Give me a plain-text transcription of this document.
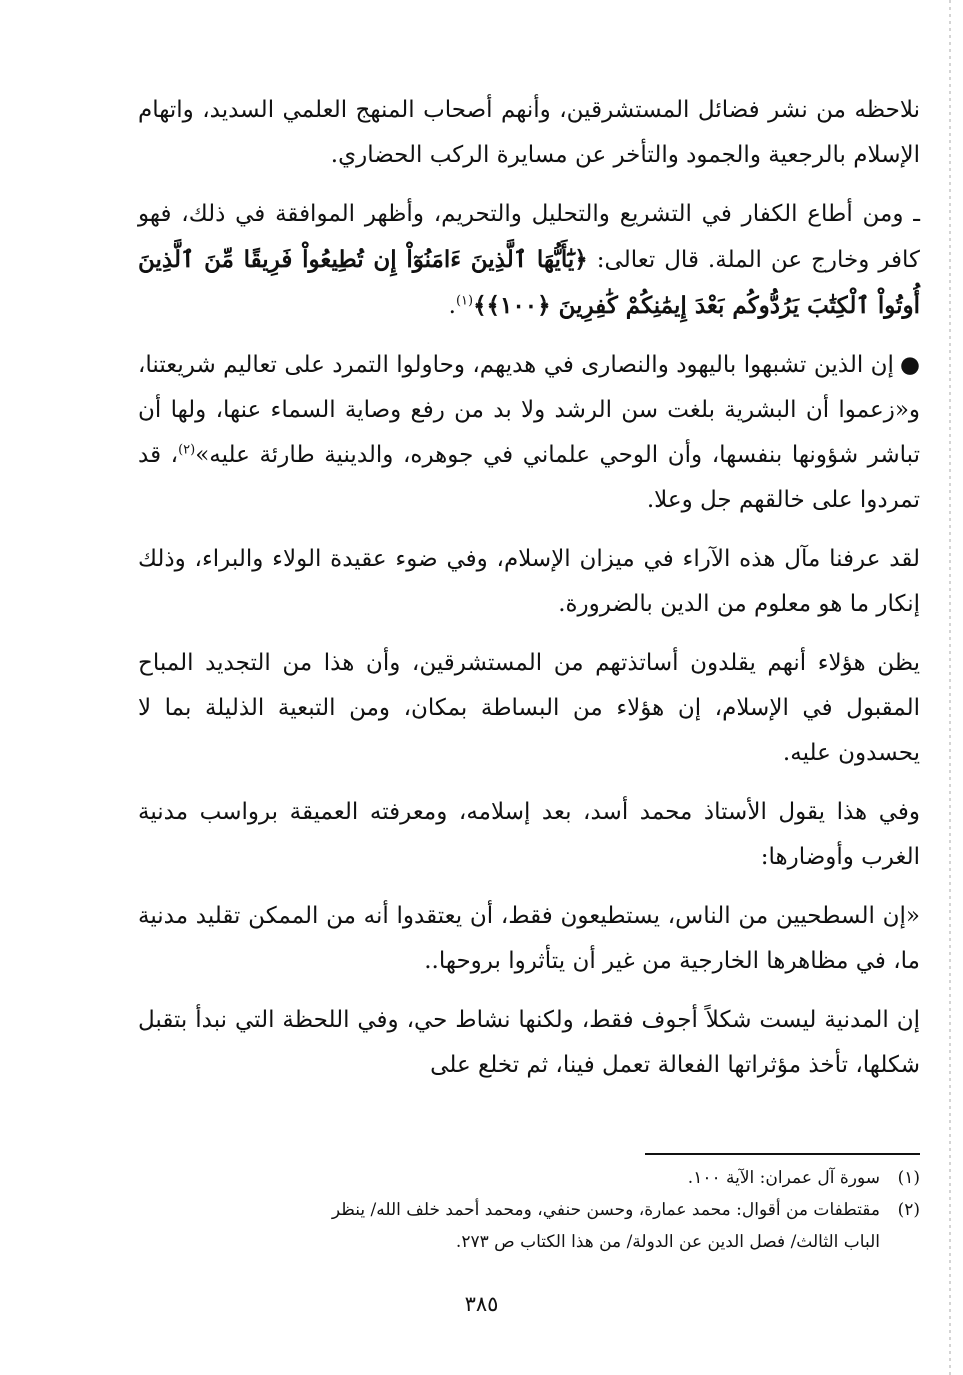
نلاحظه من نشر فضائل المستشرقين، وأنهم أصحاب المنهج العلمي السديد، واتهام الإسلام بالرجعية والجمود والتأخر عن مسايرة الركب الحضاري.

ـ ومن أطاع الكفار في التشريع والتحليل والتحريم، وأظهر الموافقة في ذلك، فهو كافر وخارج عن الملة. قال تعالى: ﴿يَٰٓأَيُّهَا ٱلَّذِينَ ءَامَنُوٓاْ إِن تُطِيعُواْ فَرِيقًا مِّنَ ٱلَّذِينَ أُوتُواْ ٱلْكِتَٰبَ يَرُدُّوكُم بَعْدَ إِيمَٰنِكُمْ كَٰفِرِينَ ﴿١٠٠﴾﴾$^{(١)}$.

●إن الذين تشبهوا باليهود والنصارى في هديهم، وحاولوا التمرد على تعاليم شريعتنا، و«زعموا أن البشرية بلغت سن الرشد ولا بد من رفع وصاية السماء عنها، ولها أن تباشر شؤونها بنفسها، وأن الوحي علماني في جوهره، والدينية طارئة عليه»$^{(٢)}$، قد تمردوا على خالقهم جل وعلا.

لقد عرفنا مآل هذه الآراء في ميزان الإسلام، وفي ضوء عقيدة الولاء والبراء، وذلك إنكار ما هو معلوم من الدين بالضرورة.

يظن هؤلاء أنهم يقلدون أساتذتهم من المستشرقين، وأن هذا من التجديد المباح المقبول في الإسلام، إن هؤلاء من البساطة بمكان، ومن التبعية الذليلة بما لا يحسدون عليه.

وفي هذا يقول الأستاذ محمد أسد، بعد إسلامه، ومعرفته العميقة برواسب مدنية الغرب وأوضارها:

«إن السطحيين من الناس، يستطيعون فقط، أن يعتقدوا أنه من الممكن تقليد مدنية ما، في مظاهرها الخارجية من غير أن يتأثروا بروحها..

إن المدنية ليست شكلاً أجوف فقط، ولكنها نشاط حي، وفي اللحظة التي نبدأ بتقبل شكلها، تأخذ مؤثراتها الفعالة تعمل فينا، ثم تخلع على

(١)سورة آل عمران: الآية ١٠٠.

(٢)مقتطفات من أقوال: محمد عمارة، وحسن حنفي، ومحمد أحمد خلف الله/ ينظر

الباب الثالث/ فصل الدين عن الدولة/ من هذا الكتاب ص ٢٧٣.

٣٨٥
